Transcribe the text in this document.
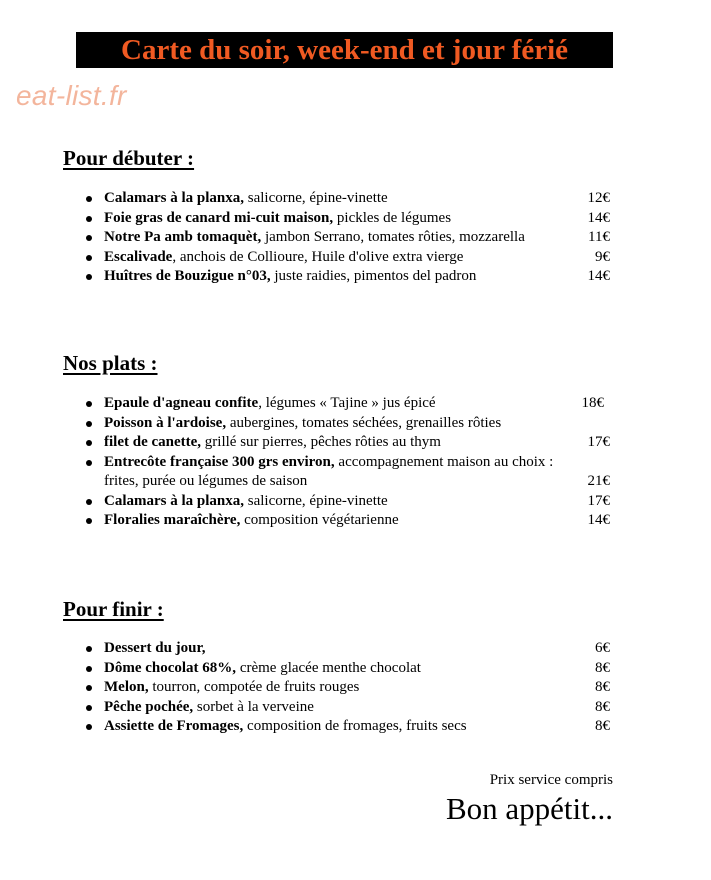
Carte du soir, week-end et jour férié
eat-list.fr
Pour débuter :
Calamars à la planxa, salicorne, épine-vinette	12€
Foie gras de canard mi-cuit maison, pickles de légumes	14€
Notre Pa amb tomaquèt, jambon Serrano, tomates rôties, mozzarella	11€
Escalivade, anchois de Collioure, Huile d'olive extra vierge	9€
Huîtres de Bouzigue n°03, juste raidies, pimentos del padron	14€
Nos plats :
Epaule d'agneau confite, légumes « Tajine » jus épicé	18€
Poisson à l'ardoise, aubergines, tomates séchées, grenailles rôties
filet de canette, grillé sur pierres, pêches rôties au thym	17€
Entrecôte française 300 grs environ, accompagnement maison au choix :
frites, purée ou légumes de saison	21€
Calamars à la planxa, salicorne, épine-vinette	17€
Floralies maraîchère, composition végétarienne	14€
Pour finir :
Dessert du jour,	6€
Dôme chocolat 68%, crème glacée menthe chocolat	8€
Melon, tourron, compotée de fruits rouges	8€
Pêche pochée, sorbet à la verveine	8€
Assiette de Fromages, composition de fromages, fruits secs	8€
Prix service compris
Bon appétit...
